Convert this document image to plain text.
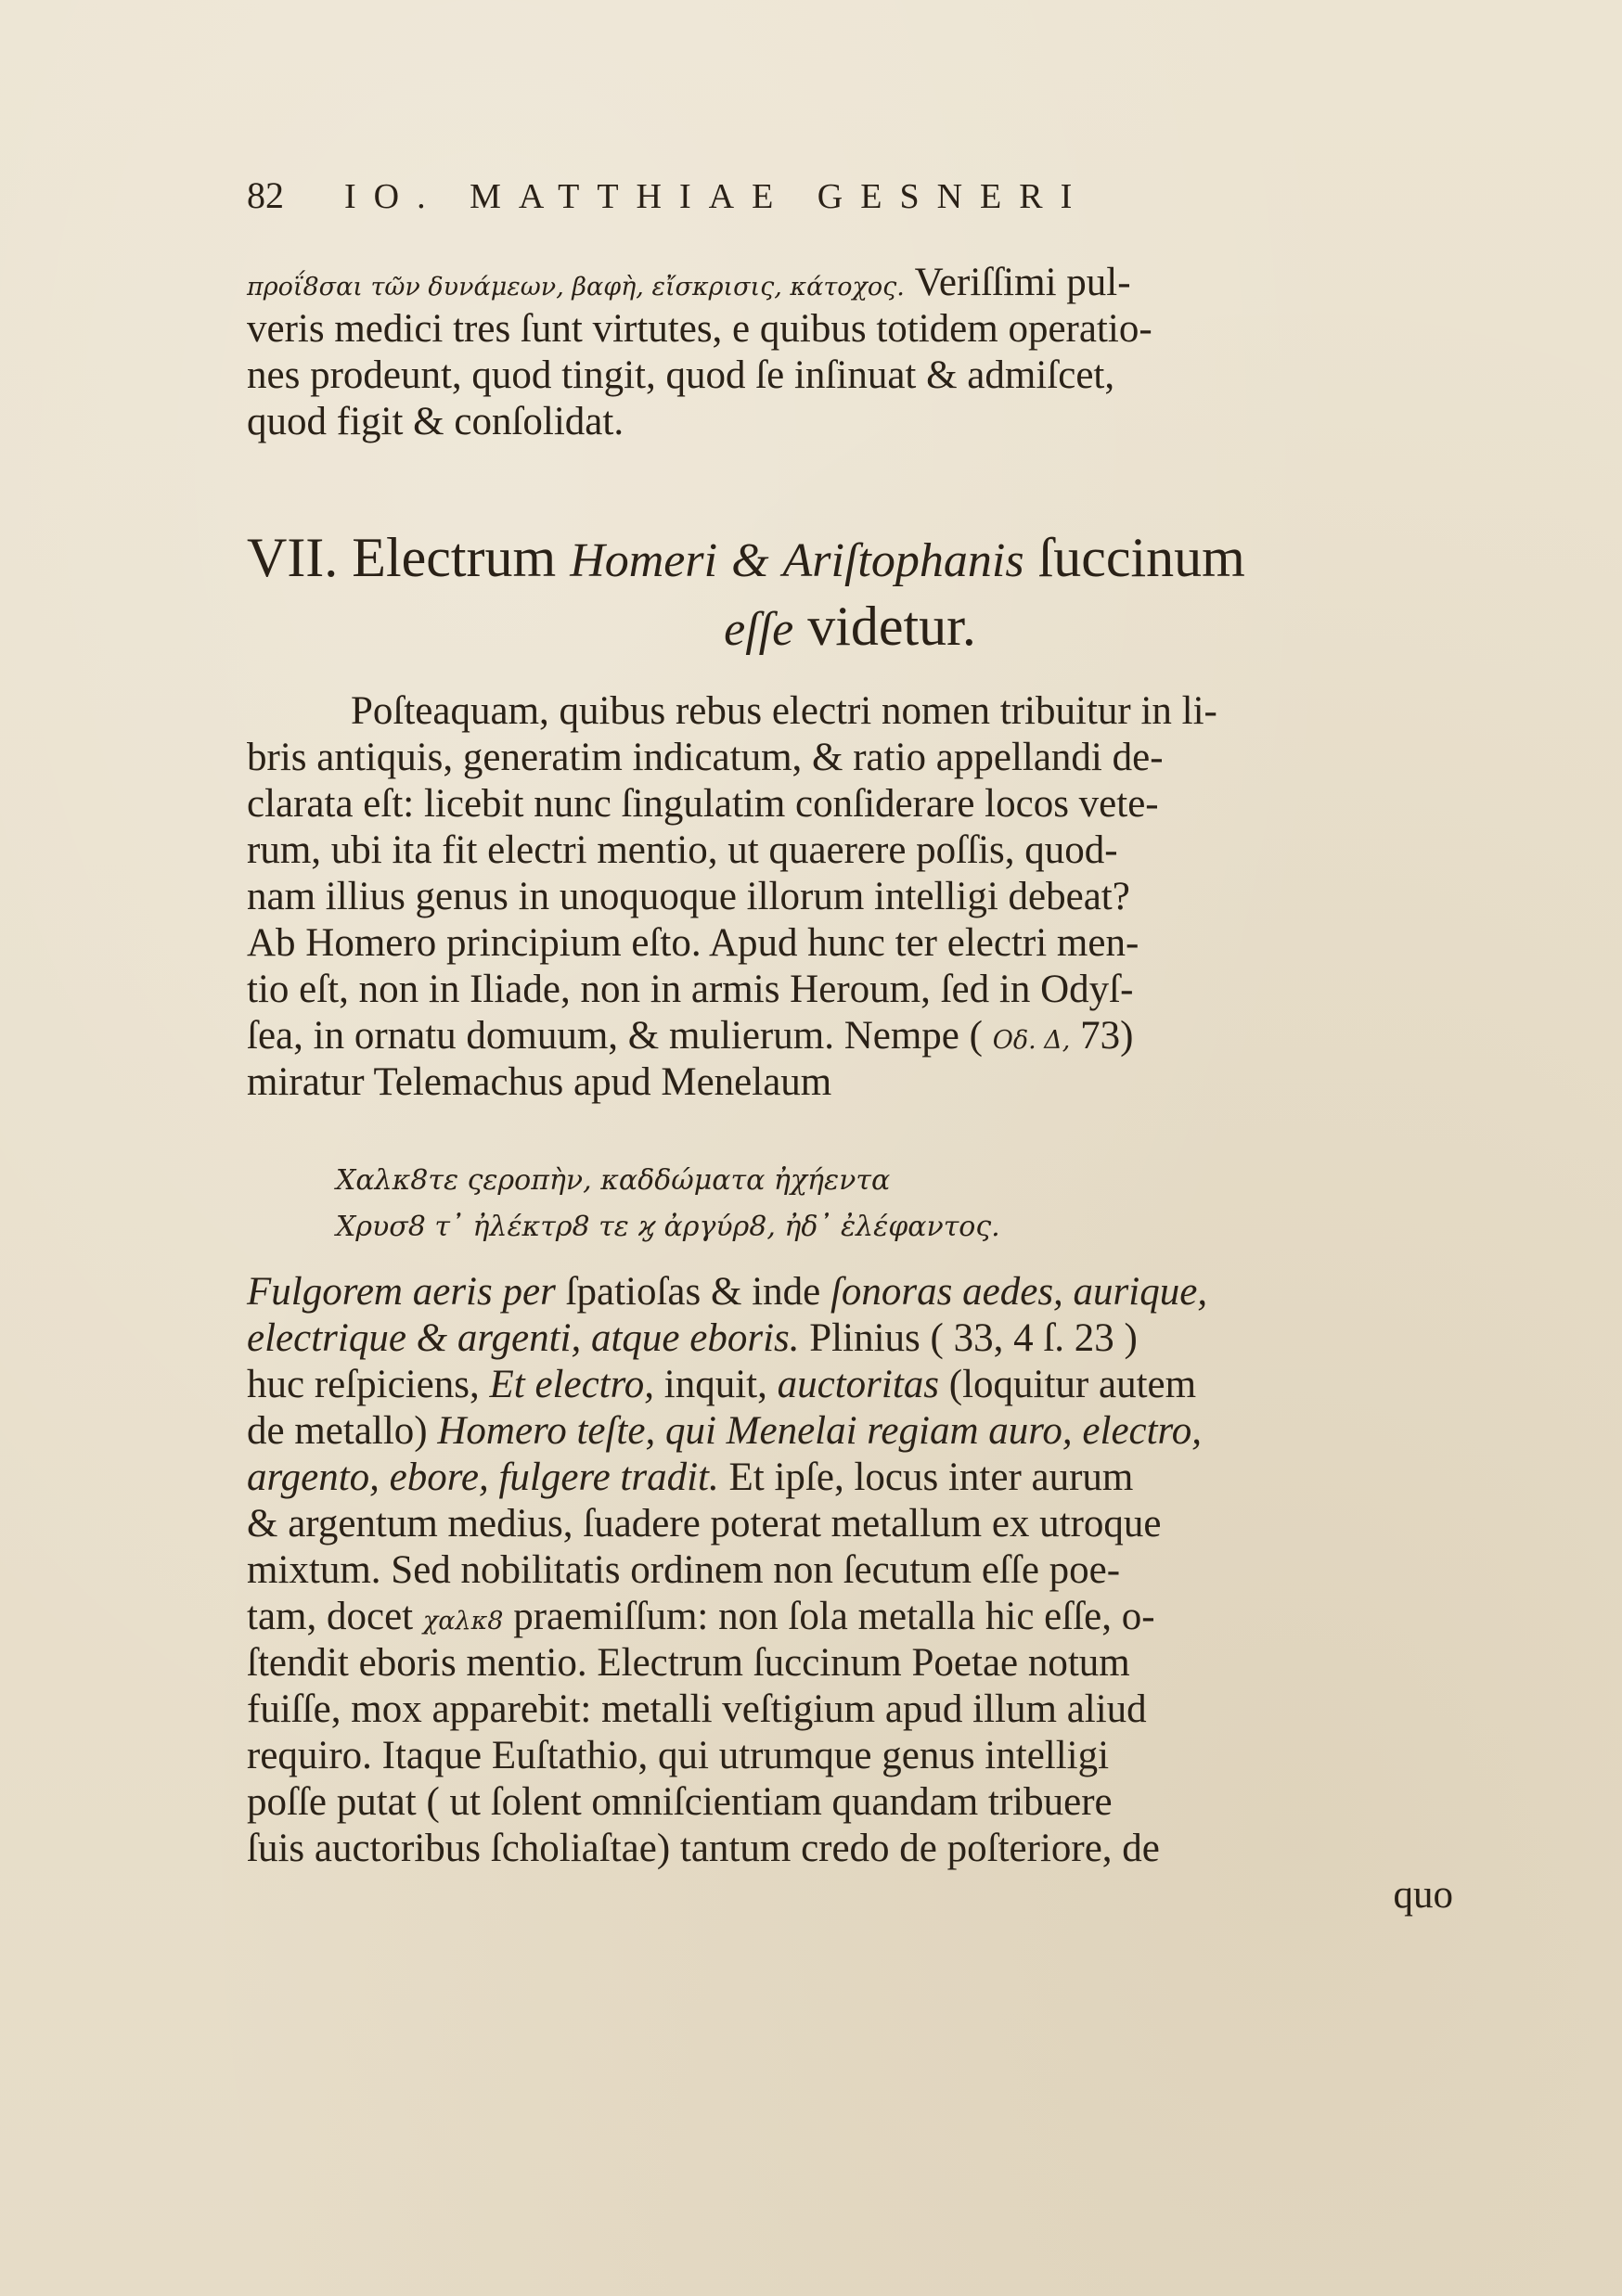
82 IO. MATTHIAE GESNERI
πρoΐ8σαι τῶν δυνάμεων, βαφὴ, εἴσκρισις, κάτοχος. Veriſſimi pul-
veris medici tres ſunt virtutes, e quibus totidem operatio-
nes prodeunt, quod tingit, quod ſe inſinuat & admiſcet,
quod figit & conſolidat.
VII. Electrum Homeri & Ariſtophanis ſuccinum
eſſe videtur.
Poſteaquam, quibus rebus electri nomen tribuitur in li-
bris antiquis, generatim indicatum, & ratio appellandi de-
clarata eſt: licebit nunc ſingulatim conſiderare locos vete-
rum, ubi ita fit electri mentio, ut quaerere poſſis, quod-
nam illius genus in unoquoque illorum intelligi debeat?
Ab Homero principium eſto. Apud hunc ter electri men-
tio eſt, non in Iliade, non in armis Heroum, ſed in Odyſ-
ſea, in ornatu domuum, & mulierum. Nempe ( Οδ. Δ, 73)
miratur Telemachus apud Menelaum
Χαλκ8τε ςεροπὴν, καδδώματα ἠχήεντα
Χρυσ8 τ᾽ ἠλέκτρ8 τε ϗ ἀργύρ8, ἠδ᾽ ἐλέφαντος.
Fulgorem aeris per ſpatioſas & inde ſonoras aedes, aurique,
electrique & argenti, atque eboris. Plinius ( 33, 4 ſ. 23 )
huc reſpiciens, Et electro, inquit, auctoritas (loquitur autem
de metallo) Homero teſte, qui Menelai regiam auro, electro,
argento, ebore, fulgere tradit. Et ipſe, locus inter aurum
& argentum medius, ſuadere poterat metallum ex utroque
mixtum. Sed nobilitatis ordinem non ſecutum eſſe poe-
tam, docet χαλκ8 praemiſſum: non ſola metalla hic eſſe, o-
ſtendit eboris mentio. Electrum ſuccinum Poetae notum
fuiſſe, mox apparebit: metalli veſtigium apud illum aliud
requiro. Itaque Euſtathio, qui utrumque genus intelligi
poſſe putat ( ut ſolent omniſcientiam quandam tribuere
ſuis auctoribus ſcholiaſtae) tantum credo de poſteriore, de
quo
